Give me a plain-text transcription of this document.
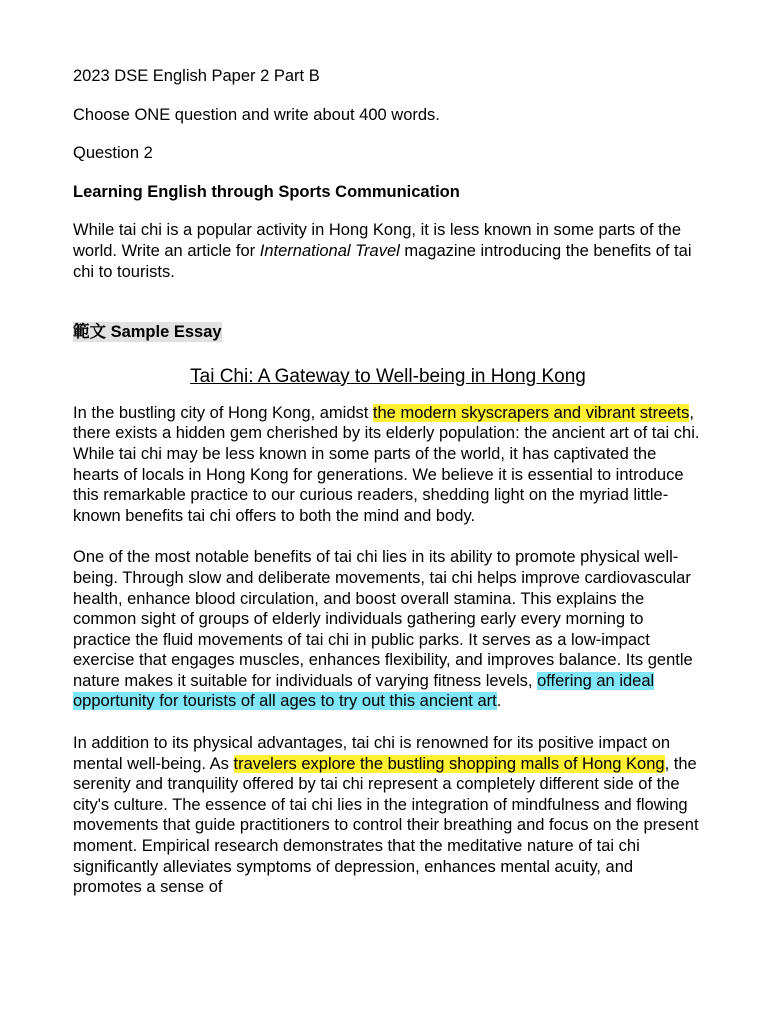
2023 DSE English Paper 2 Part B

Choose ONE question and write about 400 words.

Question 2

Learning English through Sports Communication

While tai chi is a popular activity in Hong Kong, it is less known in some parts of the world. Write an article for International Travel magazine introducing the benefits of tai chi to tourists.

範文 Sample Essay

Tai Chi: A Gateway to Well-being in Hong Kong

In the bustling city of Hong Kong, amidst the modern skyscrapers and vibrant streets, there exists a hidden gem cherished by its elderly population: the ancient art of tai chi. While tai chi may be less known in some parts of the world, it has captivated the hearts of locals in Hong Kong for generations. We believe it is essential to introduce this remarkable practice to our curious readers, shedding light on the myriad little-known benefits tai chi offers to both the mind and body.

One of the most notable benefits of tai chi lies in its ability to promote physical well-being. Through slow and deliberate movements, tai chi helps improve cardiovascular health, enhance blood circulation, and boost overall stamina. This explains the common sight of groups of elderly individuals gathering early every morning to practice the fluid movements of tai chi in public parks. It serves as a low-impact exercise that engages muscles, enhances flexibility, and improves balance. Its gentle nature makes it suitable for individuals of varying fitness levels, offering an ideal opportunity for tourists of all ages to try out this ancient art.

In addition to its physical advantages, tai chi is renowned for its positive impact on mental well-being. As travelers explore the bustling shopping malls of Hong Kong, the serenity and tranquility offered by tai chi represent a completely different side of the city's culture. The essence of tai chi lies in the integration of mindfulness and flowing movements that guide practitioners to control their breathing and focus on the present moment. Empirical research demonstrates that the meditative nature of tai chi significantly alleviates symptoms of depression, enhances mental acuity, and promotes a sense of
